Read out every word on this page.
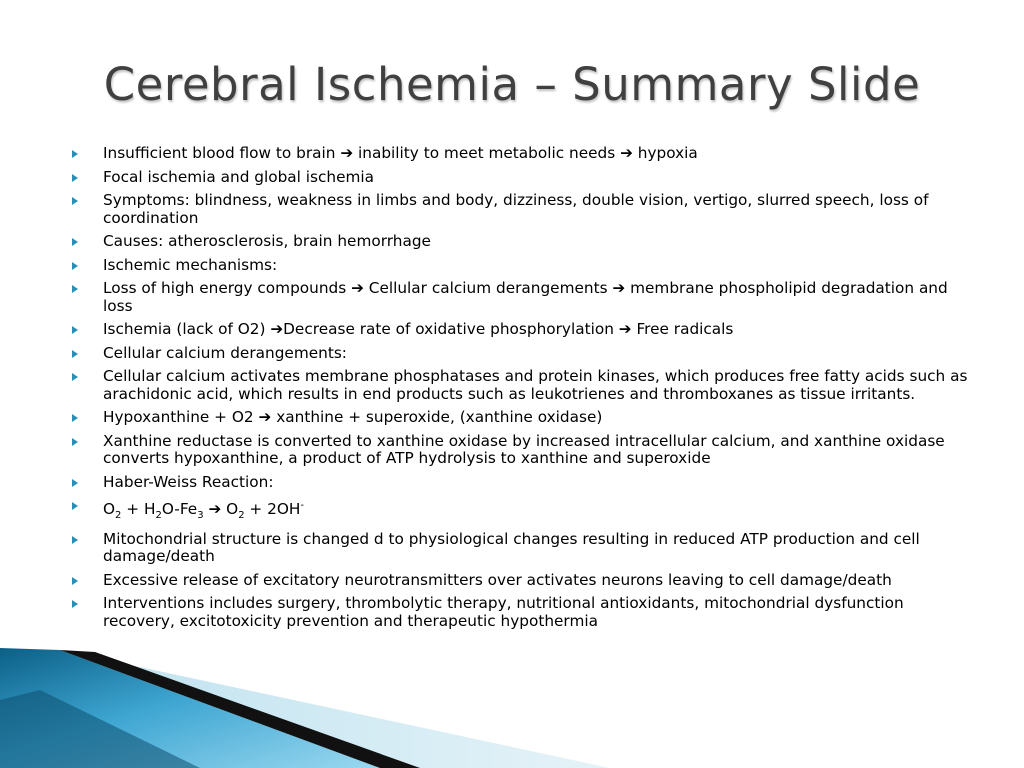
Cerebral Ischemia – Summary Slide
Insufficient blood flow to brain ➔ inability to meet metabolic needs ➔ hypoxia
Focal ischemia and global ischemia
Symptoms: blindness, weakness in limbs and body, dizziness, double vision, vertigo, slurred speech, loss of coordination
Causes: atherosclerosis, brain hemorrhage
Ischemic mechanisms:
Loss of high energy compounds ➔ Cellular calcium derangements ➔ membrane phospholipid degradation and loss
Ischemia (lack of O2) ➔Decrease rate of oxidative phosphorylation ➔ Free radicals
Cellular calcium derangements:
Cellular calcium activates membrane phosphatases and protein kinases, which produces free fatty acids such as arachidonic acid, which results in end products such as leukotrienes and thromboxanes as tissue irritants.
Hypoxanthine + O2 ➔ xanthine + superoxide, (xanthine oxidase)
Xanthine reductase is converted to xanthine oxidase by increased intracellular calcium, and xanthine oxidase converts hypoxanthine, a product of ATP hydrolysis to xanthine and superoxide
Haber-Weiss Reaction:
$O_2 + H_2O-Fe_3$ ➔ $O_2 + 2OH^-$
Mitochondrial structure is changed d to physiological changes resulting in reduced ATP production and cell damage/death
Excessive release of excitatory neurotransmitters over activates neurons leaving to cell damage/death
Interventions includes surgery, thrombolytic therapy, nutritional antioxidants, mitochondrial dysfunction recovery, excitotoxicity prevention and therapeutic hypothermia
